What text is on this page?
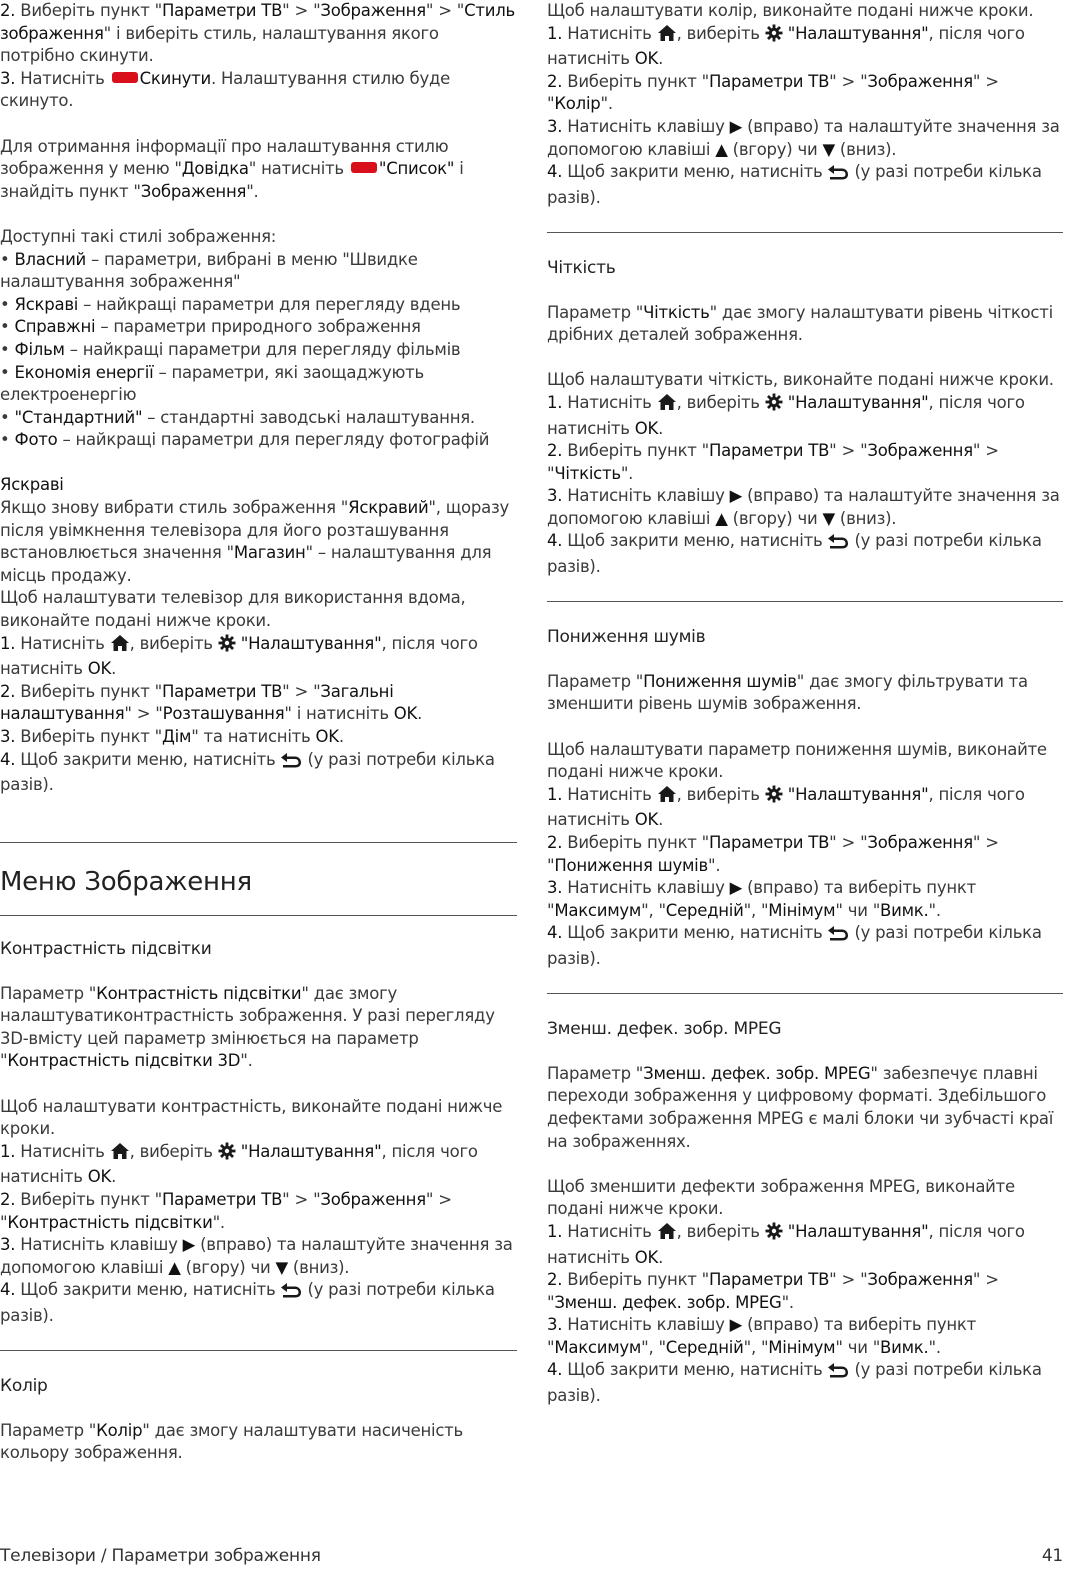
2. Виберіть пункт "Параметри ТВ" > "Зображення" > "Стиль зображення" і виберіть стиль, налаштування якого потрібно скинути.

3. Натисніть Скинути. Налаштування стилю буде скинуто.

Для отримання інформації про налаштування стилю зображення у меню "Довідка" натисніть "Список" і знайдіть пункт "Зображення".

Доступні такі стилі зображення:

• Власний – параметри, вибрані в меню "Швидке налаштування зображення"

• Яскраві – найкращі параметри для перегляду вдень

• Справжні – параметри природного зображення

• Фільм – найкращі параметри для перегляду фільмів

• Економія енергії – параметри, які заощаджують електроенергію

• "Стандартний" – стандартні заводські налаштування.

• Фото – найкращі параметри для перегляду фотографій

Яскраві

Якщо знову вибрати стиль зображення "Яскравий", щоразу після увімкнення телевізора для його розташування встановлюється значення "Магазин" – налаштування для місць продажу.

Щоб налаштувати телевізор для використання вдома, виконайте подані нижче кроки.

1. Натисніть , виберіть  "Налаштування", після чого натисніть OK.

2. Виберіть пункт "Параметри ТВ" > "Загальні налаштування" > "Розташування" і натисніть OK.

3. Виберіть пункт "Дім" та натисніть OK.

4. Щоб закрити меню, натисніть  (у разі потреби кілька разів).

Меню Зображення
Контрастність підсвітки

Параметр "Контрастність підсвітки" дає змогу налаштуватиконтрастність зображення. У разі перегляду 3D-вмісту цей параметр змінюється на параметр "Контрастність підсвітки 3D".

Щоб налаштувати контрастність, виконайте подані нижче кроки.

1. Натисніть , виберіть  "Налаштування", після чого натисніть OK.

2. Виберіть пункт "Параметри ТВ" > "Зображення" > "Контрастність підсвітки".

3. Натисніть клавішу ▶ (вправо) та налаштуйте значення за допомогою клавіші ▲ (вгору) чи ▼ (вниз).

4. Щоб закрити меню, натисніть  (у разі потреби кілька разів).

Колір

Параметр "Колір" дає змогу налаштувати насиченість кольору зображення.

Щоб налаштувати колір, виконайте подані нижче кроки.

1. Натисніть , виберіть  "Налаштування", після чого натисніть OK.

2. Виберіть пункт "Параметри ТВ" > "Зображення" > "Колір".

3. Натисніть клавішу ▶ (вправо) та налаштуйте значення за допомогою клавіші ▲ (вгору) чи ▼ (вниз).

4. Щоб закрити меню, натисніть  (у разі потреби кілька разів).

Чіткість

Параметр "Чіткість" дає змогу налаштувати рівень чіткості дрібних деталей зображення.

Щоб налаштувати чіткість, виконайте подані нижче кроки.

1. Натисніть , виберіть  "Налаштування", після чого натисніть OK.

2. Виберіть пункт "Параметри ТВ" > "Зображення" > "Чіткість".

3. Натисніть клавішу ▶ (вправо) та налаштуйте значення за допомогою клавіші ▲ (вгору) чи ▼ (вниз).

4. Щоб закрити меню, натисніть  (у разі потреби кілька разів).

Пониження шумів

Параметр "Пониження шумів" дає змогу фільтрувати та зменшити рівень шумів зображення.

Щоб налаштувати параметр пониження шумів, виконайте подані нижче кроки.

1. Натисніть , виберіть  "Налаштування", після чого натисніть OK.

2. Виберіть пункт "Параметри ТВ" > "Зображення" > "Пониження шумів".

3. Натисніть клавішу ▶ (вправо) та виберіть пункт "Максимум", "Середній", "Мінімум" чи "Вимк.".

4. Щоб закрити меню, натисніть  (у разі потреби кілька разів).

Зменш. дефек. зобр. MPEG

Параметр "Зменш. дефек. зобр. MPEG" забезпечує плавні переходи зображення у цифровому форматі. Здебільшого дефектами зображення MPEG є малі блоки чи зубчасті краї на зображеннях.

Щоб зменшити дефекти зображення MPEG, виконайте подані нижче кроки.

1. Натисніть , виберіть  "Налаштування", після чого натисніть OK.

2. Виберіть пункт "Параметри ТВ" > "Зображення" > "Зменш. дефек. зобр. MPEG".

3. Натисніть клавішу ▶ (вправо) та виберіть пункт "Максимум", "Середній", "Мінімум" чи "Вимк.".

4. Щоб закрити меню, натисніть  (у разі потреби кілька разів).

Телевізори / Параметри зображення	41
